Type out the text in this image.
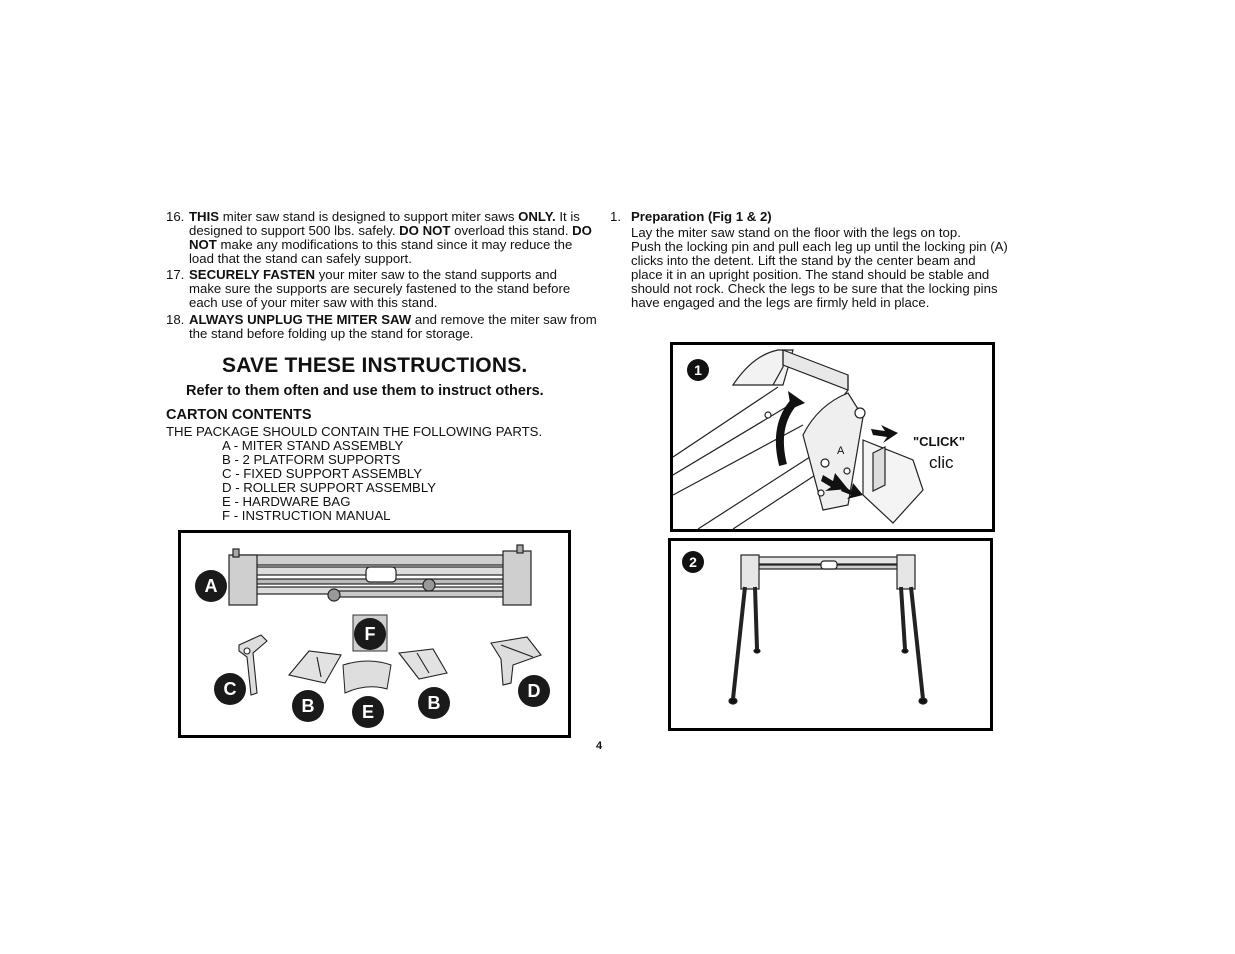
16. THIS miter saw stand is designed to support miter saws ONLY. It is designed to support 500 lbs. safely. DO NOT overload this stand. DO NOT make any modifications to this stand since it may reduce the load that the stand can safely support.
17. SECURELY FASTEN your miter saw to the stand supports and make sure the supports are securely fastened to the stand before each use of your miter saw with this stand.
18. ALWAYS UNPLUG THE MITER SAW and remove the miter saw from the stand before folding up the stand for storage.
SAVE THESE INSTRUCTIONS.
Refer to them often and use them to instruct others.
CARTON CONTENTS
THE PACKAGE SHOULD CONTAIN THE FOLLOWING PARTS.
A - MITER STAND ASSEMBLY
B - 2 PLATFORM SUPPORTS
C - FIXED SUPPORT ASSEMBLY
D - ROLLER SUPPORT ASSEMBLY
E - HARDWARE BAG
F - INSTRUCTION MANUAL
A
F
C
B	E	B
D
1. Preparation (Fig 1 & 2)
Lay the miter saw stand on the floor with the legs on top.
Push the locking pin and pull each leg up until the locking pin (A)
clicks into the detent. Lift the stand by the center beam and
place it in an upright position. The stand should be stable and
should not rock. Check the legs to be sure that the locking pins
have engaged and the legs are firmly held in place.
1
"CLICK"
clic
A
2
4
